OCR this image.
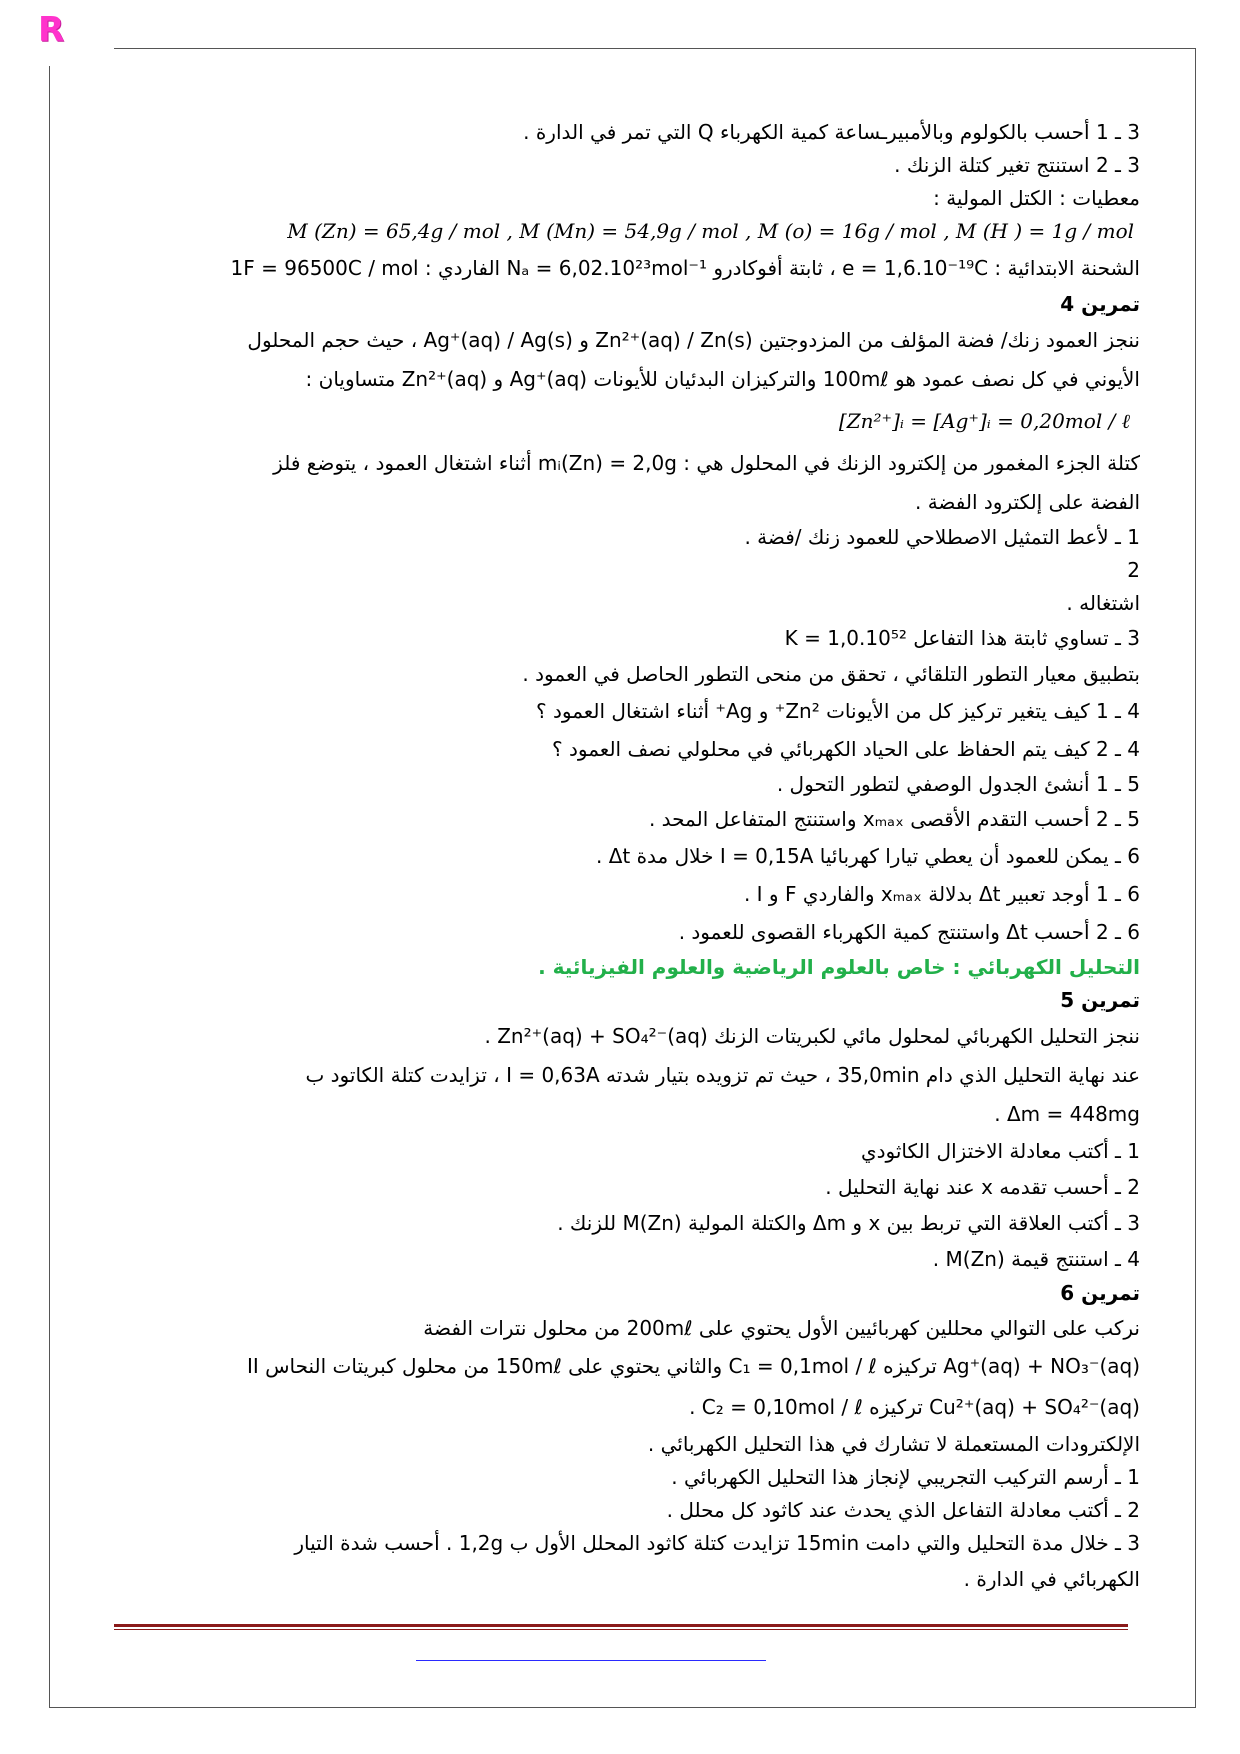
R
3 ـ 1 أحسب بالكولوم وبالأمبيرـساعة كمية الكهرباء Q التي تمر في الدارة .
3 ـ 2 استنتج تغير كتلة الزنك .
معطيات : الكتل المولية :
M (Zn) = 65,4g / mol , M (Mn) = 54,9g / mol , M (o) = 16g / mol , M (H ) = 1g / mol
الشحنة الابتدائية : e = 1,6.10⁻¹⁹C ، ثابتة أفوكادرو Nₐ = 6,02.10²³mol⁻¹ الفاردي : 1F = 96500C / mol
تمرين 4
ننجز العمود زنك/ فضة المؤلف من المزدوجتين Zn²⁺(aq) / Zn(s) و Ag⁺(aq) / Ag(s) ، حيث حجم المحلول
الأيوني في كل نصف عمود هو 100mℓ والتركيزان البدئيان للأيونات Ag⁺(aq) و Zn²⁺(aq) متساويان :
[Zn²⁺]ᵢ = [Ag⁺]ᵢ = 0,20mol / ℓ
كتلة الجزء المغمور من إلكترود الزنك في المحلول هي : mᵢ(Zn) = 2,0g أثناء اشتغال العمود ، يتوضع فلز
الفضة على إلكترود الفضة .
1 ـ لأعط التمثيل الاصطلاحي للعمود زنك /فضة .
2
اشتغاله .
3 ـ تساوي ثابتة هذا التفاعل K = 1,0.10⁵²
بتطبيق معيار التطور التلقائي ، تحقق من منحى التطور الحاصل في العمود .
4 ـ 1 كيف يتغير تركيز كل من الأيونات Zn²⁺ و Ag⁺ أثناء اشتغال العمود ؟
4 ـ 2 كيف يتم الحفاظ على الحياد الكهربائي في محلولي نصف العمود ؟
5 ـ 1 أنشئ الجدول الوصفي لتطور التحول .
5 ـ 2 أحسب التقدم الأقصى xₘₐₓ واستنتج المتفاعل المحد .
6 ـ يمكن للعمود أن يعطي تيارا كهربائيا I = 0,15A خلال مدة Δt .
6 ـ 1 أوجد تعبير Δt بدلالة xₘₐₓ والفاردي F و I .
6 ـ 2 أحسب Δt واستنتج كمية الكهرباء القصوى للعمود .
التحليل الكهربائي : خاص بالعلوم الرياضية والعلوم الفيزيائية .
تمرين 5
ننجز التحليل الكهربائي لمحلول مائي لكبريتات الزنك Zn²⁺(aq) + SO₄²⁻(aq) .
عند نهاية التحليل الذي دام 35,0min ، حيث تم تزويده بتيار شدته I = 0,63A ، تزايدت كتلة الكاتود ب
Δm = 448mg .
1 ـ أكتب معادلة الاختزال الكاثودي
2 ـ أحسب تقدمه x عند نهاية التحليل .
3 ـ أكتب العلاقة التي تربط بين x و Δm والكتلة المولية M(Zn) للزنك .
4 ـ استنتج قيمة M(Zn) .
تمرين 6
نركب على التوالي محللين كهربائيين الأول يحتوي على 200mℓ من محلول نترات الفضة
Ag⁺(aq) + NO₃⁻(aq) تركيزه C₁ = 0,1mol / ℓ والثاني يحتوي على 150mℓ من محلول كبريتات النحاس II
Cu²⁺(aq) + SO₄²⁻(aq) تركيزه C₂ = 0,10mol / ℓ .
الإلكترودات المستعملة لا تشارك في هذا التحليل الكهربائي .
1 ـ أرسم التركيب التجريبي لإنجاز هذا التحليل الكهربائي .
2 ـ أكتب معادلة التفاعل الذي يحدث عند كاثود كل محلل .
3 ـ خلال مدة التحليل والتي دامت 15min تزايدت كتلة كاثود المحلل الأول ب 1,2g . أحسب شدة التيار
الكهربائي في الدارة .
